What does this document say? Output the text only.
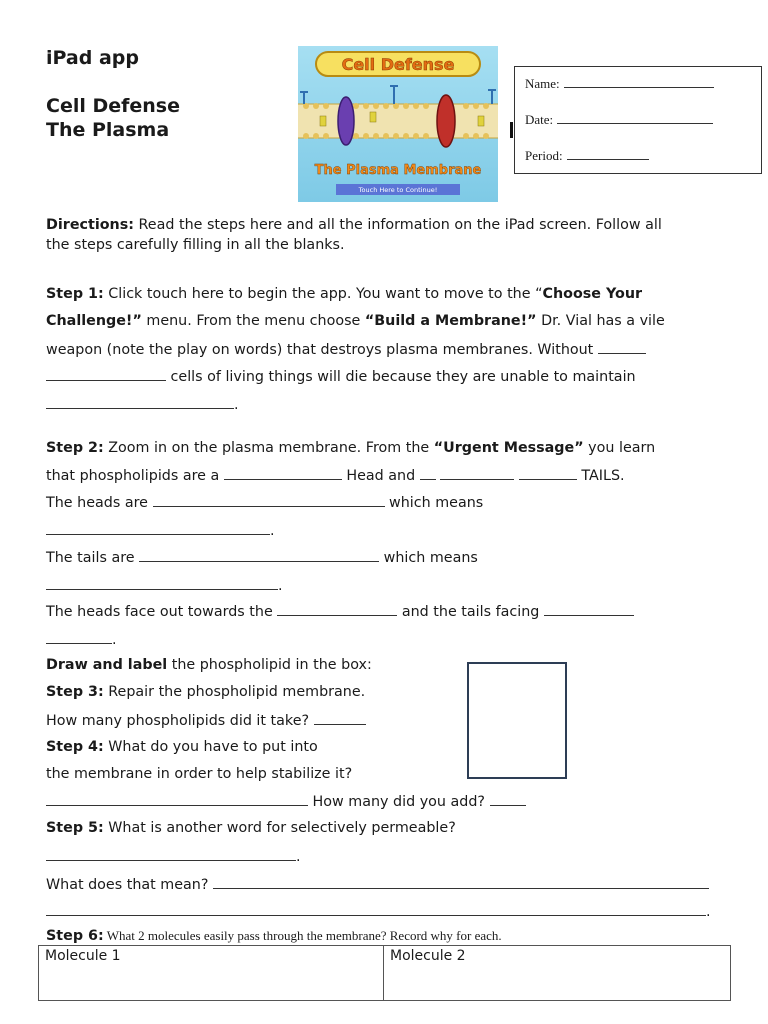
iPad app
Cell Defense
The Plasma
Cell Defense
The Plasma Membrane
Touch Here to Continue!
Name:
Date:
Period:
Directions: Read the steps here and all the information on the iPad screen. Follow all
the steps carefully filling in all the blanks.
Step 1: Click touch here to begin the app. You want to move to the “Choose Your
Challenge!” menu. From the menu choose “Build a Membrane!” Dr. Vial has a vile
weapon (note the play on words) that destroys plasma membranes. Without
cells of living things will die because they are unable to maintain
.
Step 2: Zoom in on the plasma membrane. From the “Urgent Message” you learn
that phospholipids are a	Head and	TAILS.
The heads are	which means
.
The tails are	which means
.
The heads face out towards the	and the tails facing
.
Draw and label the phospholipid in the box:
Step 3: Repair the phospholipid membrane.
How many phospholipids did it take?
Step 4: What do you have to put into
the membrane in order to help stabilize it?
How many did you add?
Step 5: What is another word for selectively permeable?
.
What does that mean?
.
Step 6: What 2 molecules easily pass through the membrane? Record why for each.
Molecule 1	Molecule 2
